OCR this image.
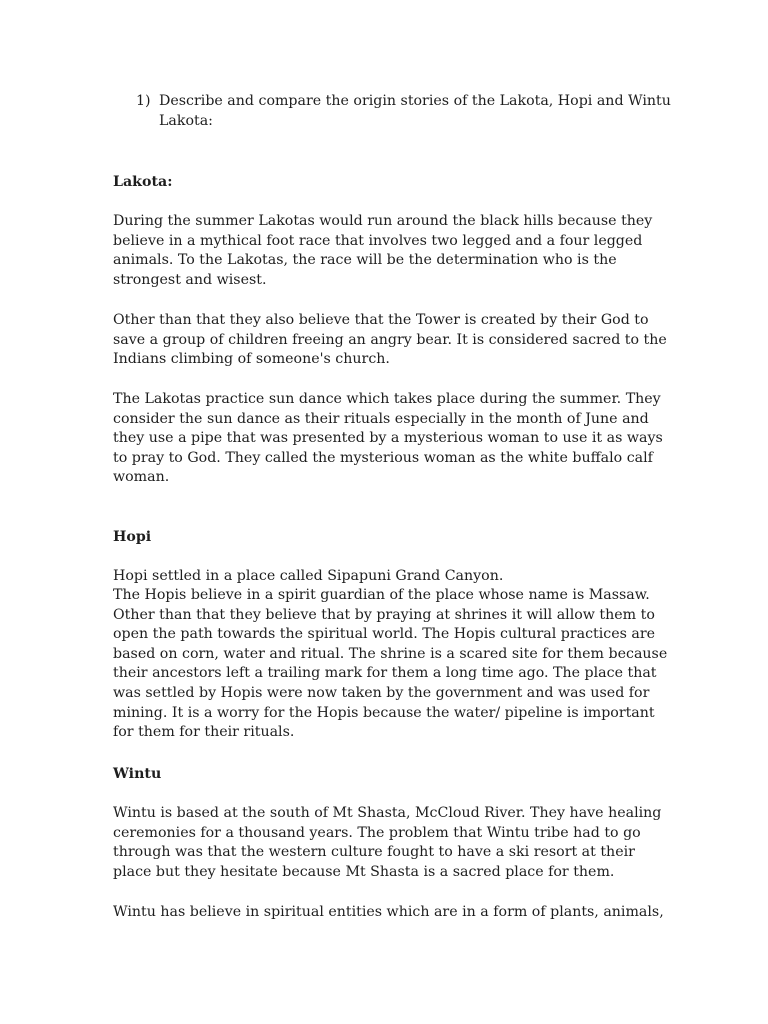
1) Describe and compare the origin stories of the Lakota, Hopi and Wintu
Lakota:
Lakota:

During the summer Lakotas would run around the black hills because they believe in a mythical foot race that involves two legged and a four legged animals. To the Lakotas, the race will be the determination who is the strongest and wisest.

Other than that they also believe that the Tower is created by their God to save a group of children freeing an angry bear. It is considered sacred to the Indians climbing of someone's church.

The Lakotas practice sun dance which takes place during the summer. They consider the sun dance as their rituals especially in the month of June and they use a pipe that was presented by a mysterious woman to use it as ways to pray to God. They called the mysterious woman as the white buffalo calf woman.

Hopi
Hopi settled in a place called Sipapuni Grand Canyon.

The Hopis believe in a spirit guardian of the place whose name is Massaw. Other than that they believe that by praying at shrines it will allow them to open the path towards the spiritual world. The Hopis cultural practices are based on corn, water and ritual. The shrine is a scared site for them because their ancestors left a trailing mark for them a long time ago. The place that was settled by Hopis were now taken by the government and was used for mining. It is a worry for the Hopis because the water/ pipeline is important for them for their rituals.

Wintu

Wintu is based at the south of Mt Shasta, McCloud River. They have healing ceremonies for a thousand years. The problem that Wintu tribe had to go through was that the western culture fought to have a ski resort at their place but they hesitate because Mt Shasta is a sacred place for them.

Wintu has believe in spiritual entities which are in a form of plants, animals,
